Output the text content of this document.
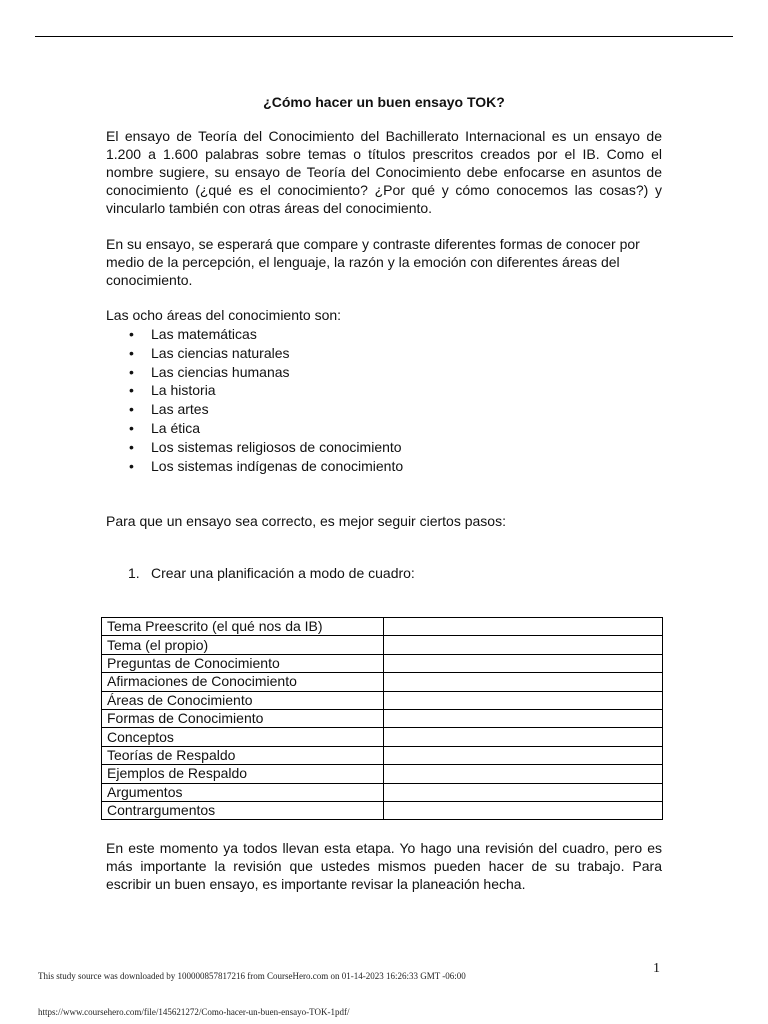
¿Cómo hacer un buen ensayo TOK?

El ensayo de Teoría del Conocimiento del Bachillerato Internacional es un ensayo de 1.200 a 1.600 palabras sobre temas o títulos prescritos creados por el IB. Como el nombre sugiere, su ensayo de Teoría del Conocimiento debe enfocarse en asuntos de conocimiento (¿qué es el conocimiento? ¿Por qué y cómo conocemos las cosas?) y vincularlo también con otras áreas del conocimiento.

En su ensayo, se esperará que compare y contraste diferentes formas de conocer por medio de la percepción, el lenguaje, la razón y la emoción con diferentes áreas del conocimiento.

Las ocho áreas del conocimiento son:

• Las matemáticas
• Las ciencias naturales
• Las ciencias humanas
• La historia
• Las artes
• La ética
• Los sistemas religiosos de conocimiento
• Los sistemas indígenas de conocimiento

Para que un ensayo sea correcto, es mejor seguir ciertos pasos:

1. Crear una planificación a modo de cuadro:
Tema Preescrito (el qué nos da IB)	
Tema (el propio)	
Preguntas de Conocimiento	
Afirmaciones de Conocimiento	
Áreas de Conocimiento	
Formas de Conocimiento	
Conceptos	
Teorías de Respaldo	
Ejemplos de Respaldo	
Argumentos	
Contrargumentos	

En este momento ya todos llevan esta etapa. Yo hago una revisión del cuadro, pero es más importante la revisión que ustedes mismos pueden hacer de su trabajo. Para escribir un buen ensayo, es importante revisar la planeación hecha.

This study source was downloaded by 100000857817216 from CourseHero.com on 01-14-2023 16:26:33 GMT -06:00	1
https://www.coursehero.com/file/145621272/Como-hacer-un-buen-ensayo-TOK-1pdf/
